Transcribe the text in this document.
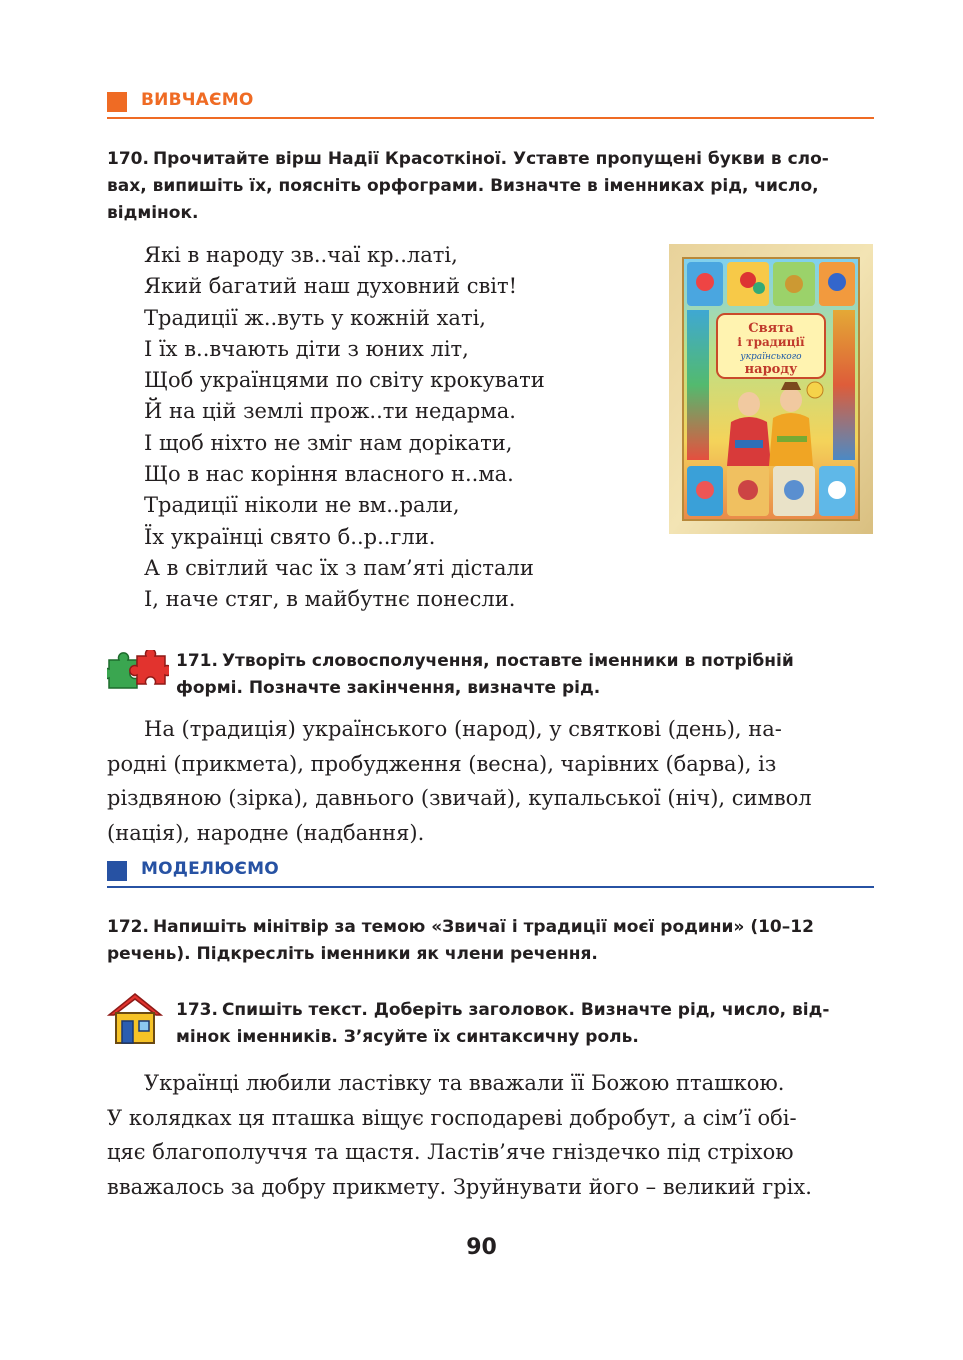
ВИВЧАЄМО
170. Прочитайте вірш Надії Красоткіної. Уставте пропущені букви в сло-
вах, випишіть їх, поясніть орфограми. Визначте в іменниках рід, число,
відмінок.
Які в народу зв..чаї кр..латі,
Який багатий наш духовний світ!
Традиції ж..вуть у кожній хаті,
І їх в..вчають діти з юних літ,
Щоб українцями по світу крокувати
Й на цій землі прож..ти недарма.
І щоб ніхто не зміг нам дорікати,
Що в нас коріння власного н..ма.
Традиції ніколи не вм..рали,
Їх українці свято б..р..гли.
А в світлий час їх з пам’яті дістали
І, наче стяг, в майбутнє понесли.
Свята
і традиції
українського
народу
171. Утворіть словосполучення, поставте іменники в потрібній
формі. Позначте закінчення, визначте рід.
На (традиція) українського (народ), у святкові (день), на-
родні (прикмета), пробудження (весна), чарівних (барва), із
різдвяною (зірка), давнього (звичай), купальської (ніч), символ
(нація), народне (надбання).
МОДЕЛЮЄМО
172. Напишіть мінітвір за темою «Звичаї і традиції моєї родини» (10–12
речень). Підкресліть іменники як члени речення.
173. Спишіть текст. Доберіть заголовок. Визначте рід, число, від-
мінок іменників. З’ясуйте їх синтаксичну роль.
Українці любили ластівку та вважали її Божою пташкою.
У колядках ця пташка віщує господареві добробут, а сім’ї обі-
цяє благополуччя та щастя. Ластів’яче гніздечко під стріхою
вважалось за добру прикмету. Зруйнувати його – великий гріх.
90
